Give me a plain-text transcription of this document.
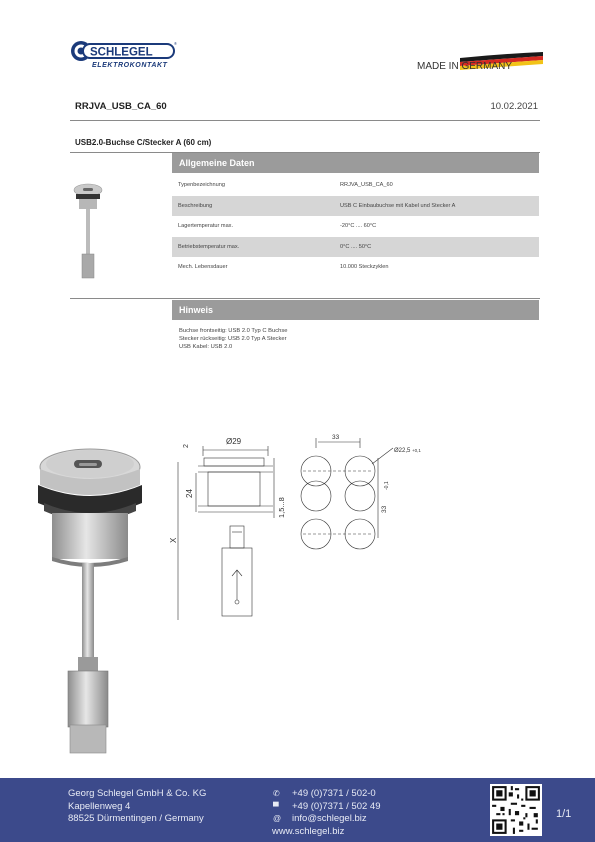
SCHLEGEL
®
ELEKTROKONTAKT	MADE IN GERMANY
RRJVA_USB_CA_60	10.02.2021
USB2.0-Buchse C/Stecker A (60 cm)
Allgemeine Daten
Typenbezeichnung	RRJVA_USB_CA_60
Beschreibung	USB C Einbaubuchse mit Kabel und Stecker A
Lagertemperatur max.	-20°C .... 60°C
Betriebstemperatur max.	0°C .... 50°C
Mech. Lebensdauer	10.000 Steckzyklen
Hinweis
Buchse frontseitig: USB 2.0 Typ C Buchse
Stecker rückseitig: USB 2.0 Typ A Stecker
USB Kabel: USB 2.0
Ø29
2
24
1,5...8
X
33
Ø22,5 +0,1
-0,1
33
Georg Schlegel GmbH & Co. KG
Kapellenweg 4
88525 Dürmentingen / Germany
✆ +49 (0)7371 / 502-0
▀ +49 (0)7371 / 502 49
@ info@schlegel.biz
www.schlegel.biz
1/1
